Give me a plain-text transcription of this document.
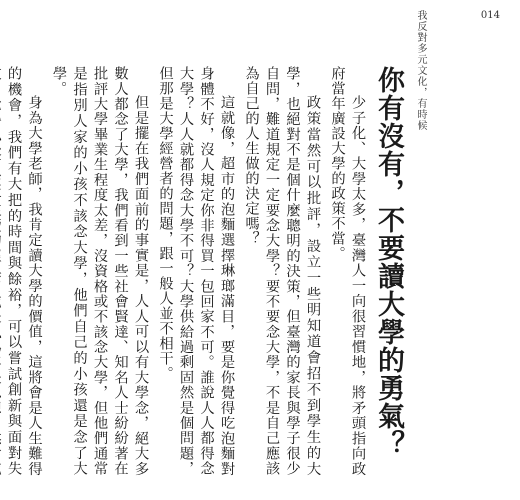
我反對多元文化，有時候	014
你有沒有，不要讀大學的勇氣？

少子化、大學太多，臺灣人一向很習慣地，將矛頭指向政府當年廣設大學的政策不當。

政策當然可以批評，設立一些明知道會招不到學生的大學，也絕對不是個什麼聰明的決策，但臺灣的家長與學子很少自問，難道規定一定要念大學？要不要念大學，不是自己應該為自己的人生做的決定嗎？

這就像，超市的泡麵選擇琳瑯滿目，要是你覺得吃泡麵對身體不好，沒人規定你非得買一包回家不可。誰說人人都得念大學？人人就都得念大學不可？大學供給過剩固然是個問題，但那是大學經營者的問題，跟一般人並不相干。

但是擺在我們面前的事實是，人人可以有大學念，絕大多數人都念了大學，我們看到一些社會賢達、知名人士紛紛著在批評大學畢業生程度太差，沒資格或不該念大學，但他們通常是指別人家的小孩不該念大學，他們自己的小孩還是念了大學。

身為大學老師，我肯定讀大學的價值，這將會是人生難得的機會，我們有大把的時間與餘裕，可以嘗試創新與面對失
